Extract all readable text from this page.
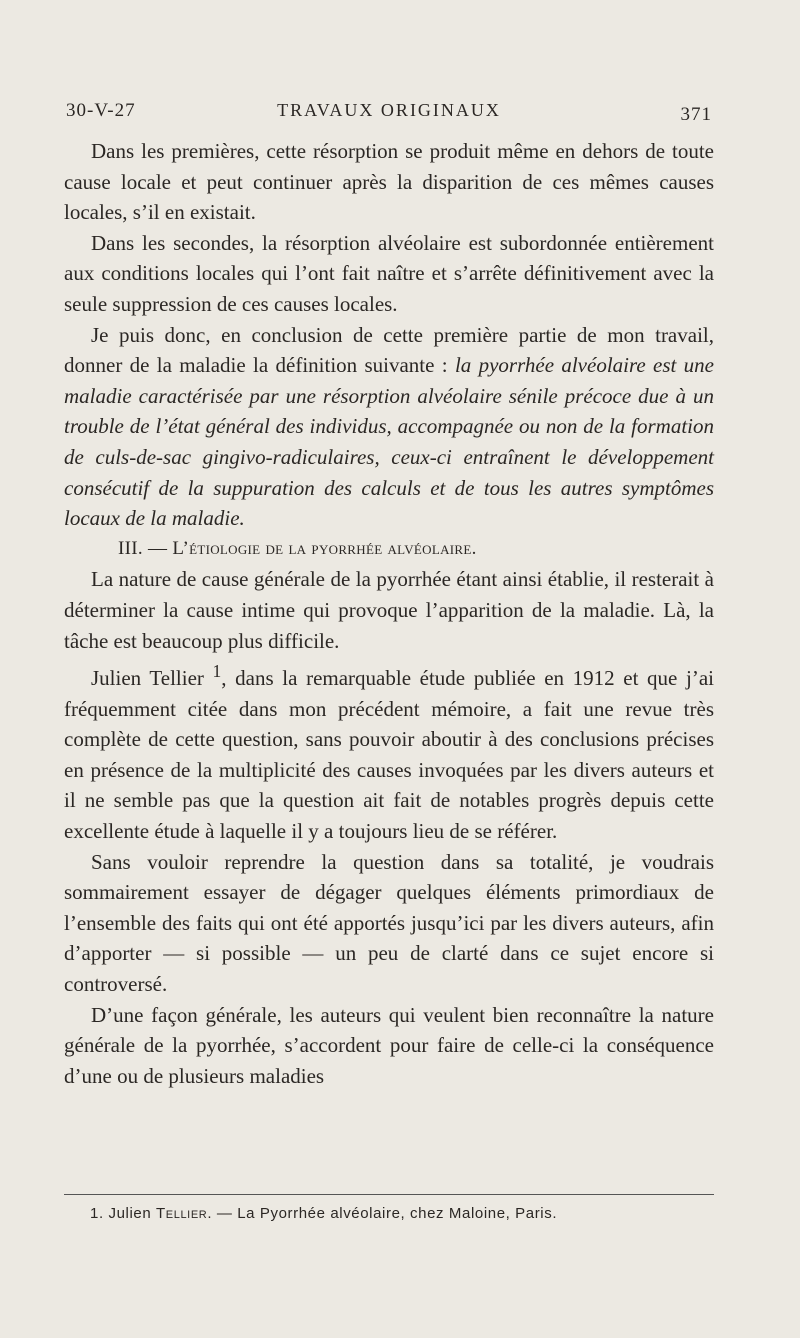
30-V-27	TRAVAUX ORIGINAUX	371

Dans les premières, cette résorption se produit même en dehors de toute cause locale et peut continuer après la disparition de ces mêmes causes locales, s’il en existait.

Dans les secondes, la résorption alvéolaire est subordonnée entièrement aux conditions locales qui l’ont fait naître et s’arrête définitivement avec la seule suppression de ces causes locales.

Je puis donc, en conclusion de cette première partie de mon travail, donner de la maladie la définition suivante : la pyorrhée alvéolaire est une maladie caractérisée par une résorption alvéolaire sénile précoce due à un trouble de l’état général des individus, accompagnée ou non de la formation de culs-de-sac gingivo-radiculaires, ceux-ci entraînent le développement consécutif de la suppuration des calculs et de tous les autres symptômes locaux de la maladie.

III. — L’étiologie de la pyorrhée alvéolaire.

La nature de cause générale de la pyorrhée étant ainsi établie, il resterait à déterminer la cause intime qui provoque l’apparition de la maladie. Là, la tâche est beaucoup plus difficile.

Julien Tellier $^1$, dans la remarquable étude publiée en 1912 et que j’ai fréquemment citée dans mon précédent mémoire, a fait une revue très complète de cette question, sans pouvoir aboutir à des conclusions précises en présence de la multiplicité des causes invoquées par les divers auteurs et il ne semble pas que la question ait fait de notables progrès depuis cette excellente étude à laquelle il y a toujours lieu de se référer.

Sans vouloir reprendre la question dans sa totalité, je voudrais sommairement essayer de dégager quelques éléments primordiaux de l’ensemble des faits qui ont été apportés jusqu’ici par les divers auteurs, afin d’apporter — si possible — un peu de clarté dans ce sujet encore si controversé.

D’une façon générale, les auteurs qui veulent bien reconnaître la nature générale de la pyorrhée, s’accordent pour faire de celle-ci la conséquence d’une ou de plusieurs maladies

1. Julien Tellier. — La Pyorrhée alvéolaire, chez Maloine, Paris.
